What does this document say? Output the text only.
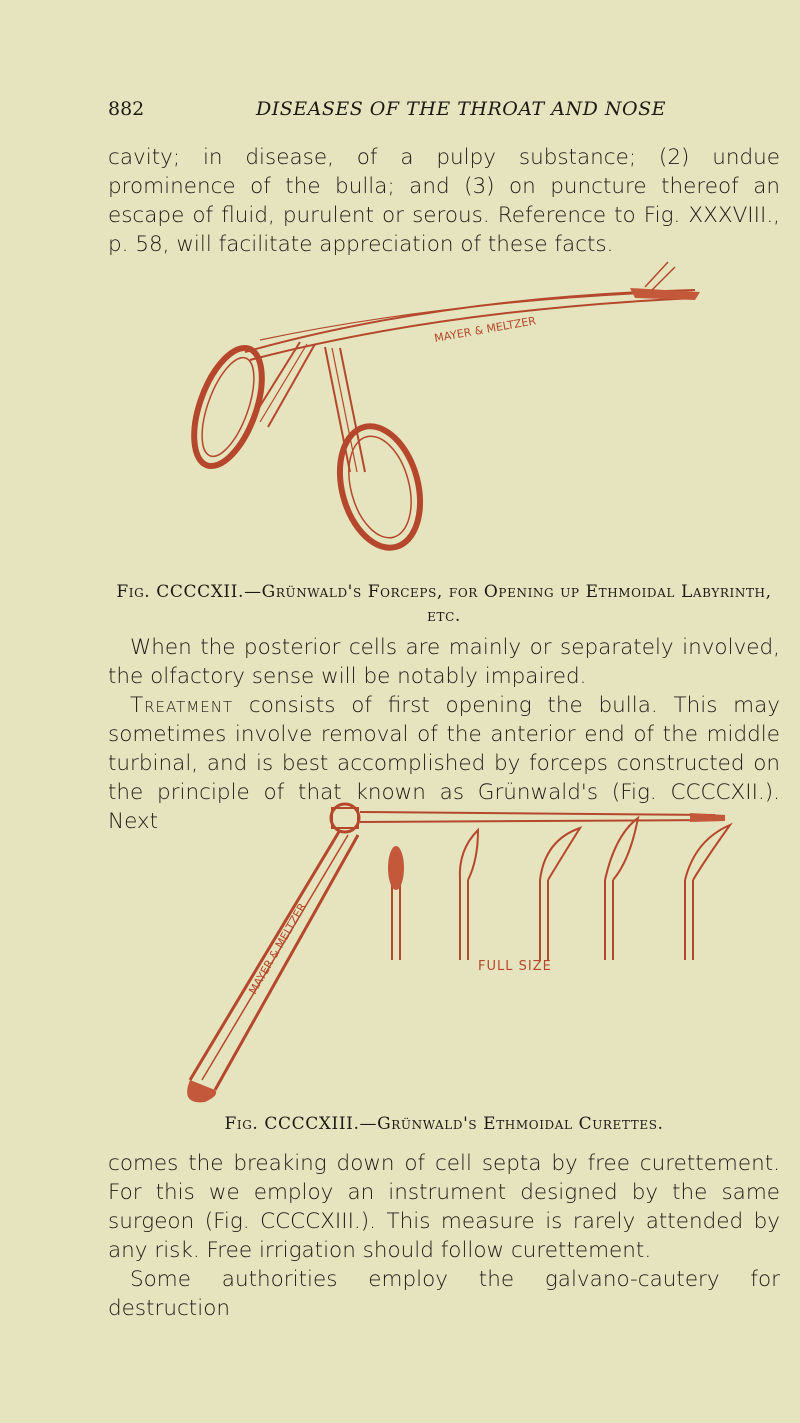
882	DISEASES OF THE THROAT AND NOSE

cavity; in disease, of a pulpy substance; (2) undue prominence of the bulla; and (3) on puncture thereof an escape of fluid, purulent or serous. Reference to Fig. XXXVIII., p. 58, will facilitate appreciation of these facts.

MAYER & MELTZER
Fig. CCCCXII.—Grünwald's Forceps, for Opening up Ethmoidal Labyrinth, etc.

When the posterior cells are mainly or separately involved, the olfactory sense will be notably impaired.

Treatment consists of first opening the bulla. This may sometimes involve removal of the anterior end of the middle turbinal, and is best accomplished by forceps constructed on the principle of that known as Grünwald's (Fig. CCCCXII.). Next

MAYER & MELTZER	FULL SIZE
Fig. CCCCXIII.—Grünwald's Ethmoidal Curettes.

comes the breaking down of cell septa by free curettement. For this we employ an instrument designed by the same surgeon (Fig. CCCCXIII.). This measure is rarely attended by any risk. Free irrigation should follow curettement.

Some authorities employ the galvano-cautery for destruction
